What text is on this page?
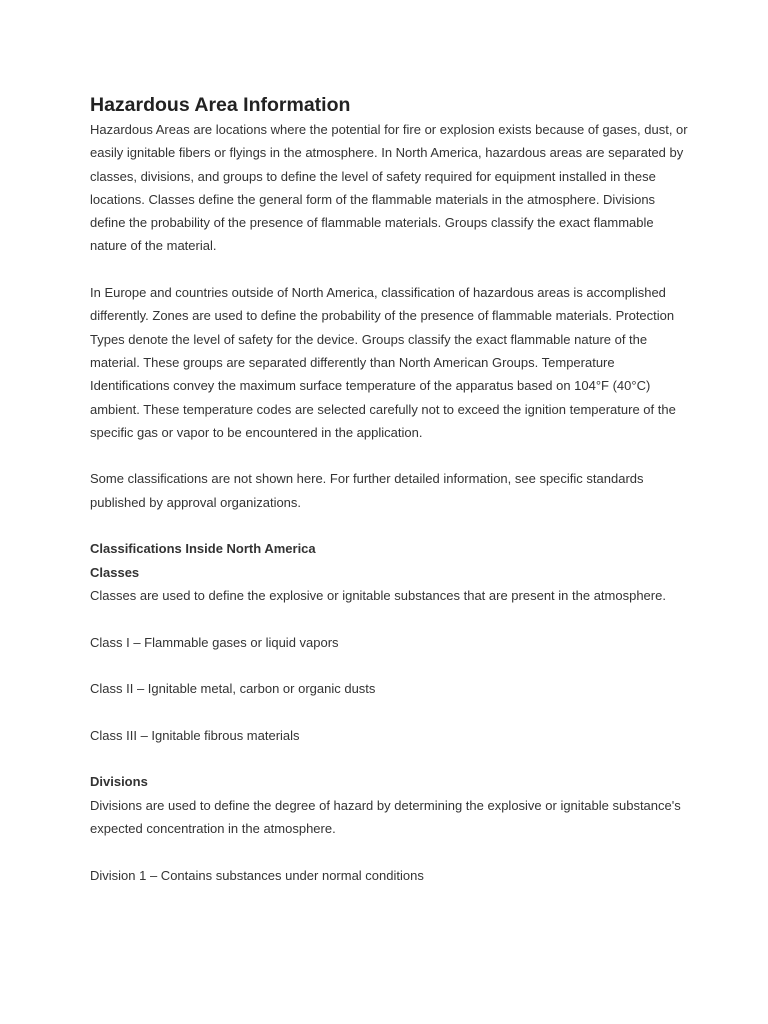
Hazardous Area Information

Hazardous Areas are locations where the potential for fire or explosion exists because of gases, dust, or easily ignitable fibers or flyings in the atmosphere. In North America, hazardous areas are separated by classes, divisions, and groups to define the level of safety required for equipment installed in these locations. Classes define the general form of the flammable materials in the atmosphere. Divisions define the probability of the presence of flammable materials. Groups classify the exact flammable nature of the material.

In Europe and countries outside of North America, classification of hazardous areas is accomplished differently. Zones are used to define the probability of the presence of flammable materials. Protection Types denote the level of safety for the device. Groups classify the exact flammable nature of the material. These groups are separated differently than North American Groups. Temperature Identifications convey the maximum surface temperature of the apparatus based on 104°F (40°C) ambient. These temperature codes are selected carefully not to exceed the ignition temperature of the specific gas or vapor to be encountered in the application.

Some classifications are not shown here. For further detailed information, see specific standards published by approval organizations.

Classifications Inside North America

Classes

Classes are used to define the explosive or ignitable substances that are present in the atmosphere.

Class I – Flammable gases or liquid vapors

Class II – Ignitable metal, carbon or organic dusts

Class III – Ignitable fibrous materials

Divisions

Divisions are used to define the degree of hazard by determining the explosive or ignitable substance's expected concentration in the atmosphere.

Division 1 – Contains substances under normal conditions
